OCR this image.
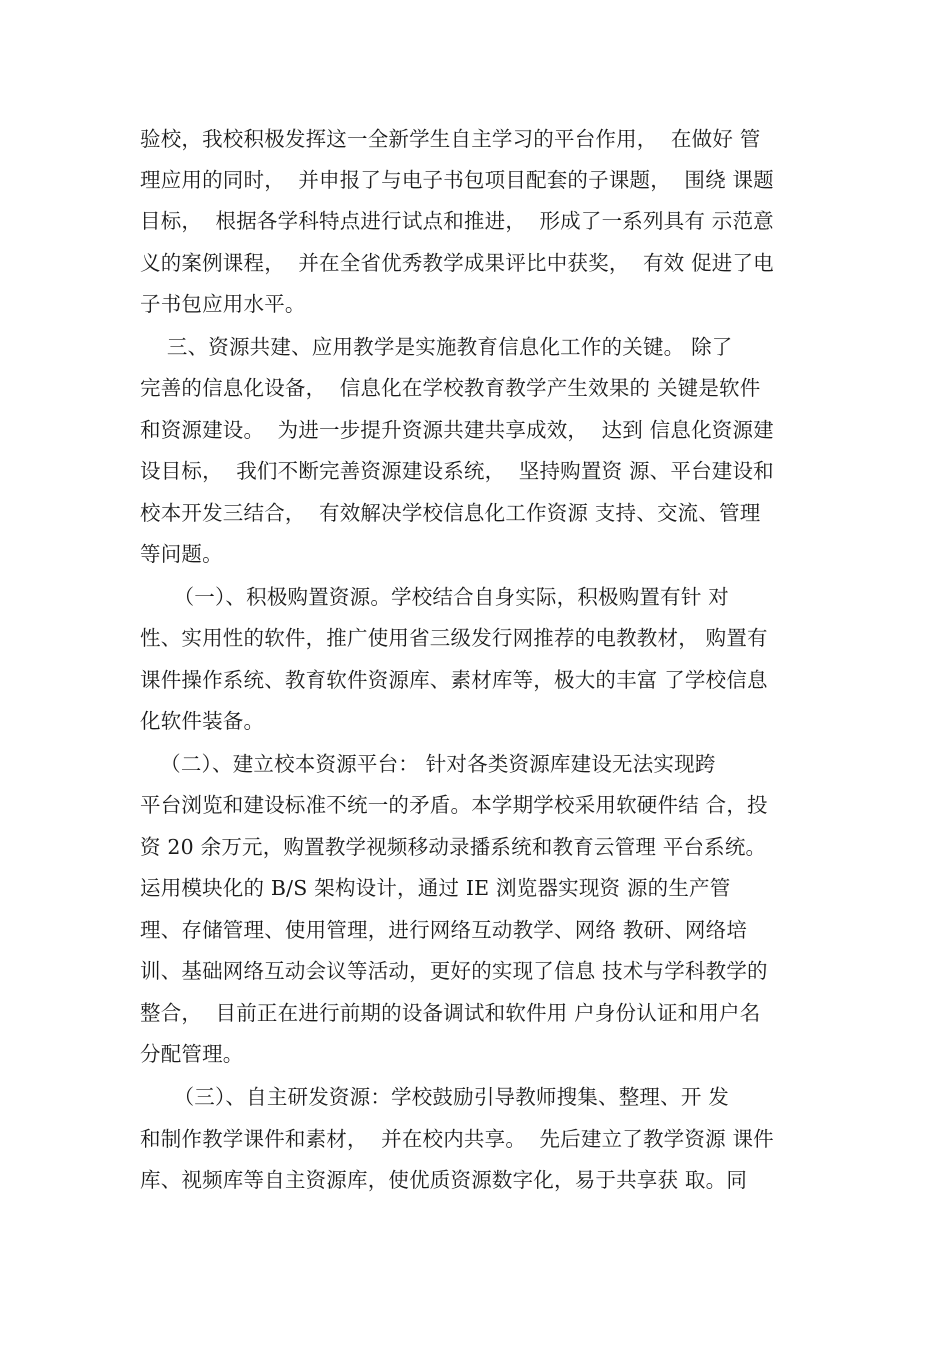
验校，我校积极发挥这一全新学生自主学习的平台作用，  在做好 管
理应用的同时，  并申报了与电子书包项目配套的子课题，  围绕 课题
目标，  根据各学科特点进行试点和推进，  形成了一系列具有 示范意
义的案例课程，  并在全省优秀教学成果评比中获奖，  有效 促进了电
子书包应用水平。
三、资源共建、应用教学是实施教育信息化工作的关键。 除了
完善的信息化设备，  信息化在学校教育教学产生效果的 关键是软件
和资源建设。  为进一步提升资源共建共享成效，  达到 信息化资源建
设目标，  我们不断完善资源建设系统，  坚持购置资 源、平台建设和
校本开发三结合，  有效解决学校信息化工作资源 支持、交流、管理
等问题。
（一）、积极购置资源。学校结合自身实际，积极购置有针 对
性、实用性的软件，推广使用省三级发行网推荐的电教教材， 购置有
课件操作系统、教育软件资源库、素材库等，极大的丰富 了学校信息
化软件装备。
（二）、建立校本资源平台： 针对各类资源库建设无法实现跨
平台浏览和建设标准不统一的矛盾。本学期学校采用软硬件结 合，投
资 20 余万元，购置教学视频移动录播系统和教育云管理 平台系统。
运用模块化的 B/S 架构设计，通过 IE 浏览器实现资 源的生产管
理、存储管理、使用管理，进行网络互动教学、网络 教研、网络培
训、基础网络互动会议等活动，更好的实现了信息 技术与学科教学的
整合，  目前正在进行前期的设备调试和软件用 户身份认证和用户名
分配管理。
（三）、自主研发资源：学校鼓励引导教师搜集、整理、开 发
和制作教学课件和素材，  并在校内共享。  先后建立了教学资源 课件
库、视频库等自主资源库，使优质资源数字化，易于共享获 取。同
